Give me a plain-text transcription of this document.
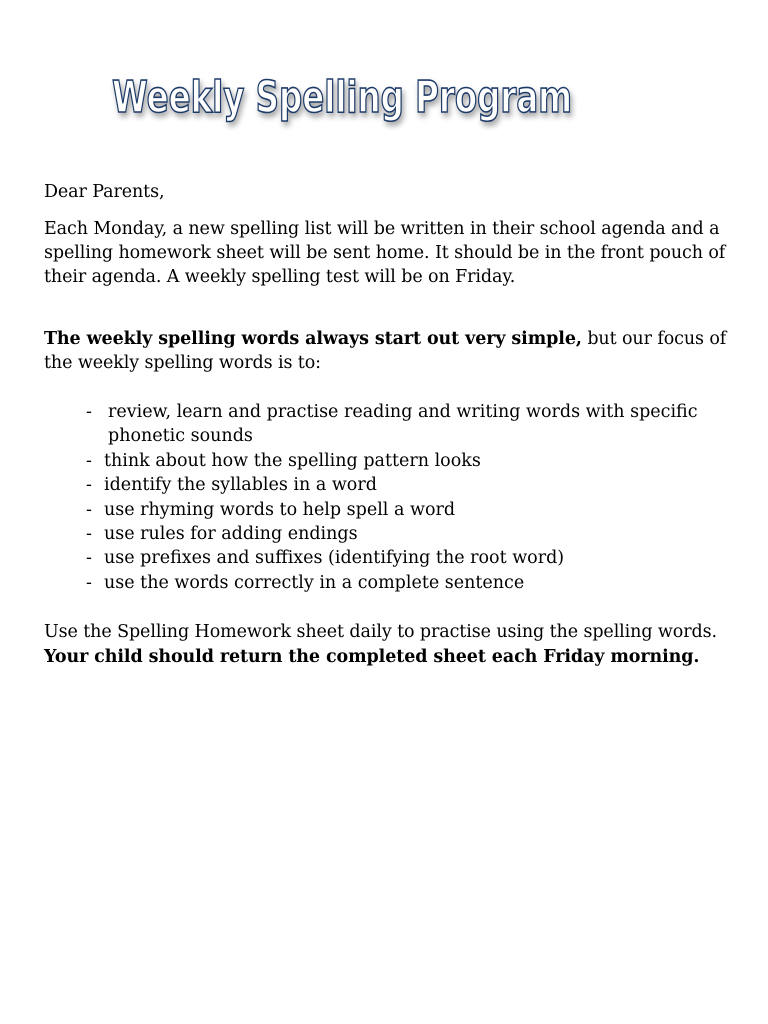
Weekly Spelling Program
Dear Parents,
Each Monday, a new spelling list will be written in their school agenda and a spelling homework sheet will be sent home. It should be in the front pouch of their agenda. A weekly spelling test will be on Friday.
The weekly spelling words always start out very simple, but our focus of the weekly spelling words is to:
- review, learn and practise reading and writing words with specific phonetic sounds
- think about how the spelling pattern looks
- identify the syllables in a word
- use rhyming words to help spell a word
- use rules for adding endings
- use prefixes and suffixes (identifying the root word)
- use the words correctly in a complete sentence
Use the Spelling Homework sheet daily to practise using the spelling words.
Your child should return the completed sheet each Friday morning.
